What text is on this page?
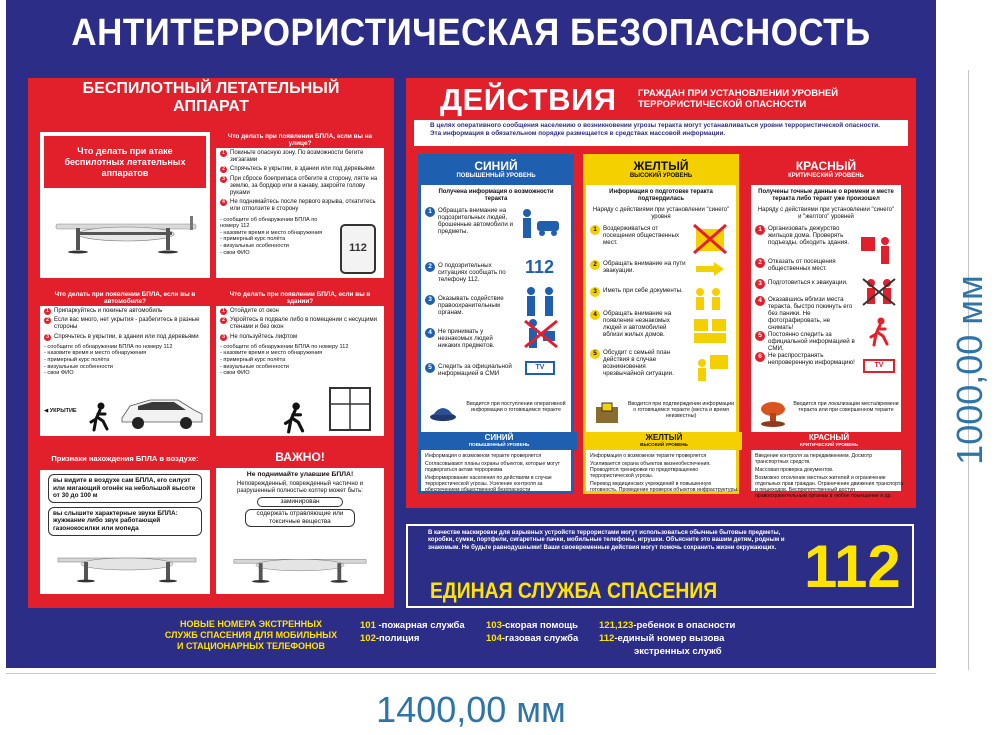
АНТИТЕРРОРИСТИЧЕСКАЯ БЕЗОПАСНОСТЬ
БЕСПИЛОТНЫЙ ЛЕТАТЕЛЬНЫЙ
АППАРАТ
Что делать при атаке беспилотных летательных аппаратов
Что делать при появлении БПЛА, если вы на улице?
1 Покиньте опасную зону. По возможности бегите зигзагами
2 Спрячьтесь в укрытии, в здании или под деревьями
3 При сбросе боеприпаса отбегите в сторону, лягте на землю, за бордюр или в канаву, закройте голову руками
4 Не поднимайтесь после первого взрыва, откатитесь или отползите в сторону
- сообщите об обнаружении БПЛА по номеру 112
- назовите время и место обнаружения
- примерный курс полёта
- визуальные особенности
- свои ФИО	112
Что делать при появлении БПЛА, если вы в автомобиле?
1 Припаркуйтесь и покиньте автомобиль
2 Если вас много, нет укрытия - разбегитесь в разные стороны
3 Спрячьтесь в укрытии, в здании или под деревьями
- сообщите об обнаружении БПЛА по номеру 112
- назовите время и место обнаружения
- примерный курс полёта
- визуальные особенности
- свои ФИО
◀ УКРЫТИЕ
Что делать при появлении БПЛА, если вы в здании?
1 Отойдите от окон
2 Укройтесь в подвале либо в помещении с несущими стенами и без окон
3 Не пользуйтесь лифтом
- сообщите об обнаружении БПЛА по номеру 112
- назовите время и место обнаружения
- примерный курс полёта
- визуальные особенности
- свои ФИО
Признаки нахождения БПЛА в воздухе:
вы видите в воздухе сам БПЛА, его силуэт или мигающий огонёк на небольшой высоте от 30 до 100 м
вы слышите характерные звуки БПЛА: жужжание либо звук работающей газонокосилки или мопеда
ВАЖНО!
Не поднимайте улавшие БПЛА!
Неповрежденный, поврежденный частично и разрушенный полностью коптер может быть:
заминирован
содержать отравляющие или токсичные вещества
ДЕЙСТВИЯ ГРАЖДАН ПРИ УСТАНОВЛЕНИИ УРОВНЕЙ
ТЕРРОРИСТИЧЕСКОЙ ОПАСНОСТИ
В целях оперативного сообщения населению о возникновении угрозы теракта могут устанавливаться уровни террористической опасности. Эта информация в обязательном порядке размещается в средствах массовой информации.
СИНИЙ
ПОВЫШЕННЫЙ УРОВЕНЬ
Получена информация о возможности теракта
1 Обращать внимание на подозрительных людей, брошенные автомобили и предметы.
2 О подозрительных ситуациях сообщать по телефону 112.
3 Оказывать содействие правоохранительным органам.
4 Не принимать у незнакомых людей никаких предметов.
5 Следить за официальной информацией в СМИ
112
TV
Вводится при поступлении оперативной информации о готовящемся теракте
СИНИЙ
ПОВЫШЕННЫЙ УРОВЕНЬ
Информация о возможном теракте проверяется
Согласовывают планы охраны объектов, которые могут подвергаться актам терроризма
Информирование населения по действиям в случае террористической угрозы. Усиление контроля за обеспечением общественной безопасности
ЖЕЛТЫЙ
ВЫСОКИЙ УРОВЕНЬ
Информация о подготовке теракта подтвердилась
Наряду с действиями при установлении "синего" уровня
1 Воздерживаться от посещения общественных мест.
2 Обращать внимание на пути эвакуации.
3 Иметь при себе документы.
4 Обращать внимание на появление незнакомых людей и автомобилей вблизи жилых домов.
5 Обсудит с семьей план действия в случае возникновения чрезвычайной ситуации.
Вводится при подтверждении информации о готовящемся теракте (места и время неизвестны)
ЖЕЛТЫЙ
ВЫСОКИЙ УРОВЕНЬ
Информация о возможном теракте проверяется
Усиливается охрана объектов жизнеобеспечения. Проводятся тренировки по предотвращению террористической угрозы.
Перевод медицинских учреждений в повышенную готовность. Проведение проверок объектов инфраструктуры.
КРАСНЫЙ
КРИТИЧЕСКИЙ УРОВЕНЬ
Получены точные данные о времени и месте теракта либо теракт уже произошел
Наряду с действиями при установлении "синего" и "желтого" уровней
1 Организовать дежурство жильцов дома. Проверять подъезды, обходить здания.
2 Отказать от посещения общественных мест.
3 Подготовиться к эвакуации.
4 Оказавшись вблизи места теракта, быстро покинуть его без паники. Не фотографировать, не снимать!
5 Постоянно следить за официальной информацией в СМИ.
6 Не распространять непроверенную информацию!	TV
Вводится при локализации места/времени теракта или при совершенном теракте
КРАСНЫЙ
КРИТИЧЕСКИЙ УРОВЕНЬ
Введение контроля за передвижением. Досмотр транспортных средств.
Массовая проверка документов.
Возможно отселение местных жителей и ограничение отдельных прав граждан. Ограничение движения транспорта и пешеходов. Беспрепятственный доступ правоохранительным органам в любое помещение и др.
В качестве маскировки для взрывных устройств террористами могут использоваться обычные бытовые предметы, коробки, сумки, портфели, сигаретные пачки, мобильные телефоны, игрушки. Объясните это вашим детям, родным и знакомым. Не будьте равнодушными! Ваши своевременные действия могут помочь сохранить жизни окружающих.
ЕДИНАЯ СЛУЖБА СПАСЕНИЯ 112
НОВЫЕ НОМЕРА ЭКСТРЕННЫХ
СЛУЖБ СПАСЕНИЯ ДЛЯ МОБИЛЬНЫХ
И СТАЦИОНАРНЫХ ТЕЛЕФОНОВ
101 -пожарная служба
102-полиция
103-скорая помощь
104-газовая служба
121,123-ребенок в опасности
112-единый номер вызова
экстренных служб
1000,00 мм
1400,00 мм
